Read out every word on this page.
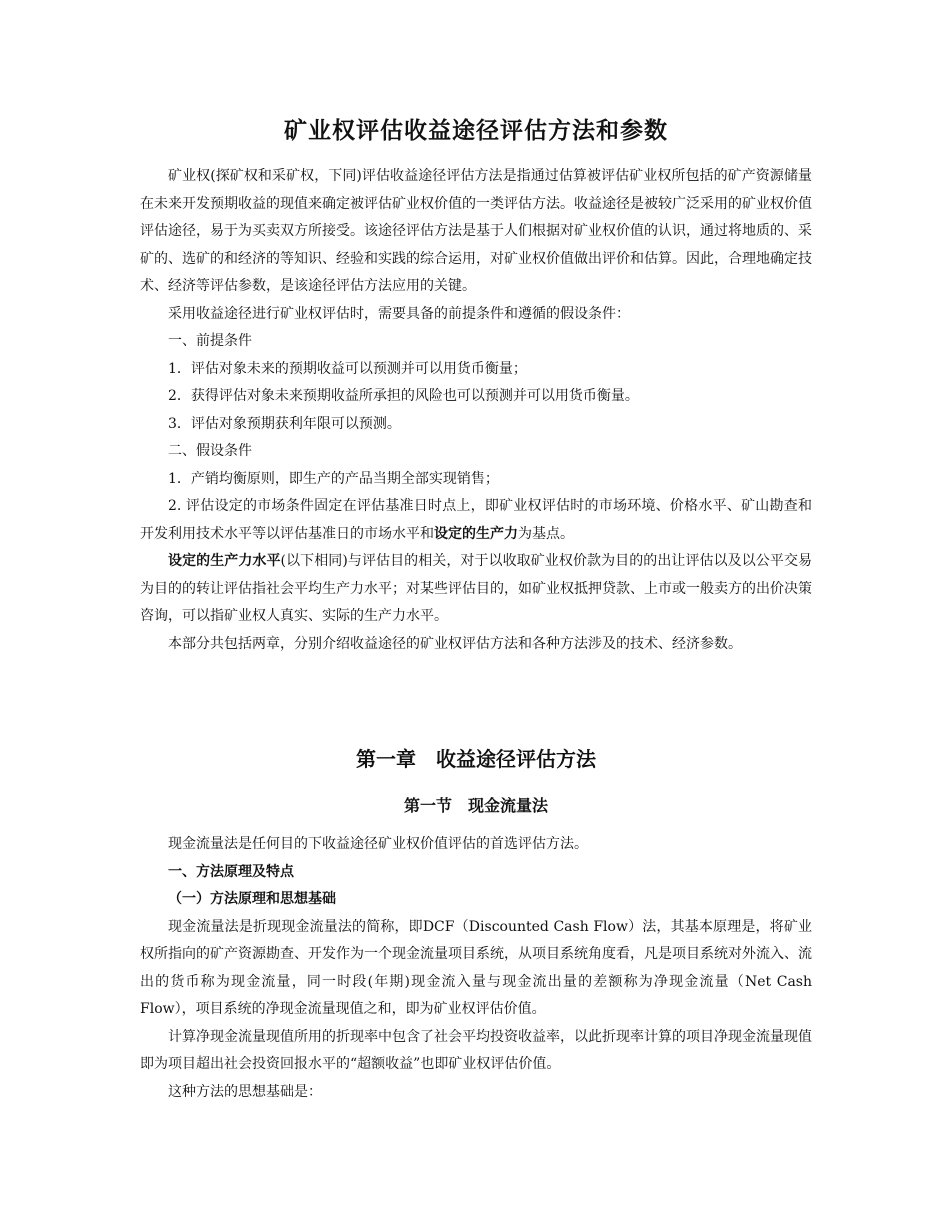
矿业权评估收益途径评估方法和参数

矿业权(探矿权和采矿权，下同)评估收益途径评估方法是指通过估算被评估矿业权所包括的矿产资源储量在未来开发预期收益的现值来确定被评估矿业权价值的一类评估方法。收益途径是被较广泛采用的矿业权价值评估途径，易于为买卖双方所接受。该途径评估方法是基于人们根据对矿业权价值的认识，通过将地质的、采矿的、选矿的和经济的等知识、经验和实践的综合运用，对矿业权价值做出评价和估算。因此，合理地确定技术、经济等评估参数，是该途径评估方法应用的关键。

采用收益途径进行矿业权评估时，需要具备的前提条件和遵循的假设条件：

一、前提条件

1．评估对象未来的预期收益可以预测并可以用货币衡量；

2．获得评估对象未来预期收益所承担的风险也可以预测并可以用货币衡量。

3．评估对象预期获利年限可以预测。

二、假设条件

1．产销均衡原则，即生产的产品当期全部实现销售；

2. 评估设定的市场条件固定在评估基准日时点上，即矿业权评估时的市场环境、价格水平、矿山勘查和开发利用技术水平等以评估基准日的市场水平和设定的生产力为基点。

设定的生产力水平(以下相同)与评估目的相关，对于以收取矿业权价款为目的的出让评估以及以公平交易为目的的转让评估指社会平均生产力水平；对某些评估目的，如矿业权抵押贷款、上市或一般卖方的出价决策咨询，可以指矿业权人真实、实际的生产力水平。

本部分共包括两章，分别介绍收益途径的矿业权评估方法和各种方法涉及的技术、经济参数。

第一章　收益途径评估方法
第一节　现金流量法

现金流量法是任何目的下收益途径矿业权价值评估的首选评估方法。

一、方法原理及特点

（一）方法原理和思想基础

现金流量法是折现现金流量法的简称，即DCF（Discounted Cash Flow）法，其基本原理是，将矿业权所指向的矿产资源勘查、开发作为一个现金流量项目系统，从项目系统角度看，凡是项目系统对外流入、流出的货币称为现金流量，同一时段(年期)现金流入量与现金流出量的差额称为净现金流量（Net Cash Flow），项目系统的净现金流量现值之和，即为矿业权评估价值。

计算净现金流量现值所用的折现率中包含了社会平均投资收益率，以此折现率计算的项目净现金流量现值即为项目超出社会投资回报水平的“超额收益”也即矿业权评估价值。

这种方法的思想基础是：
